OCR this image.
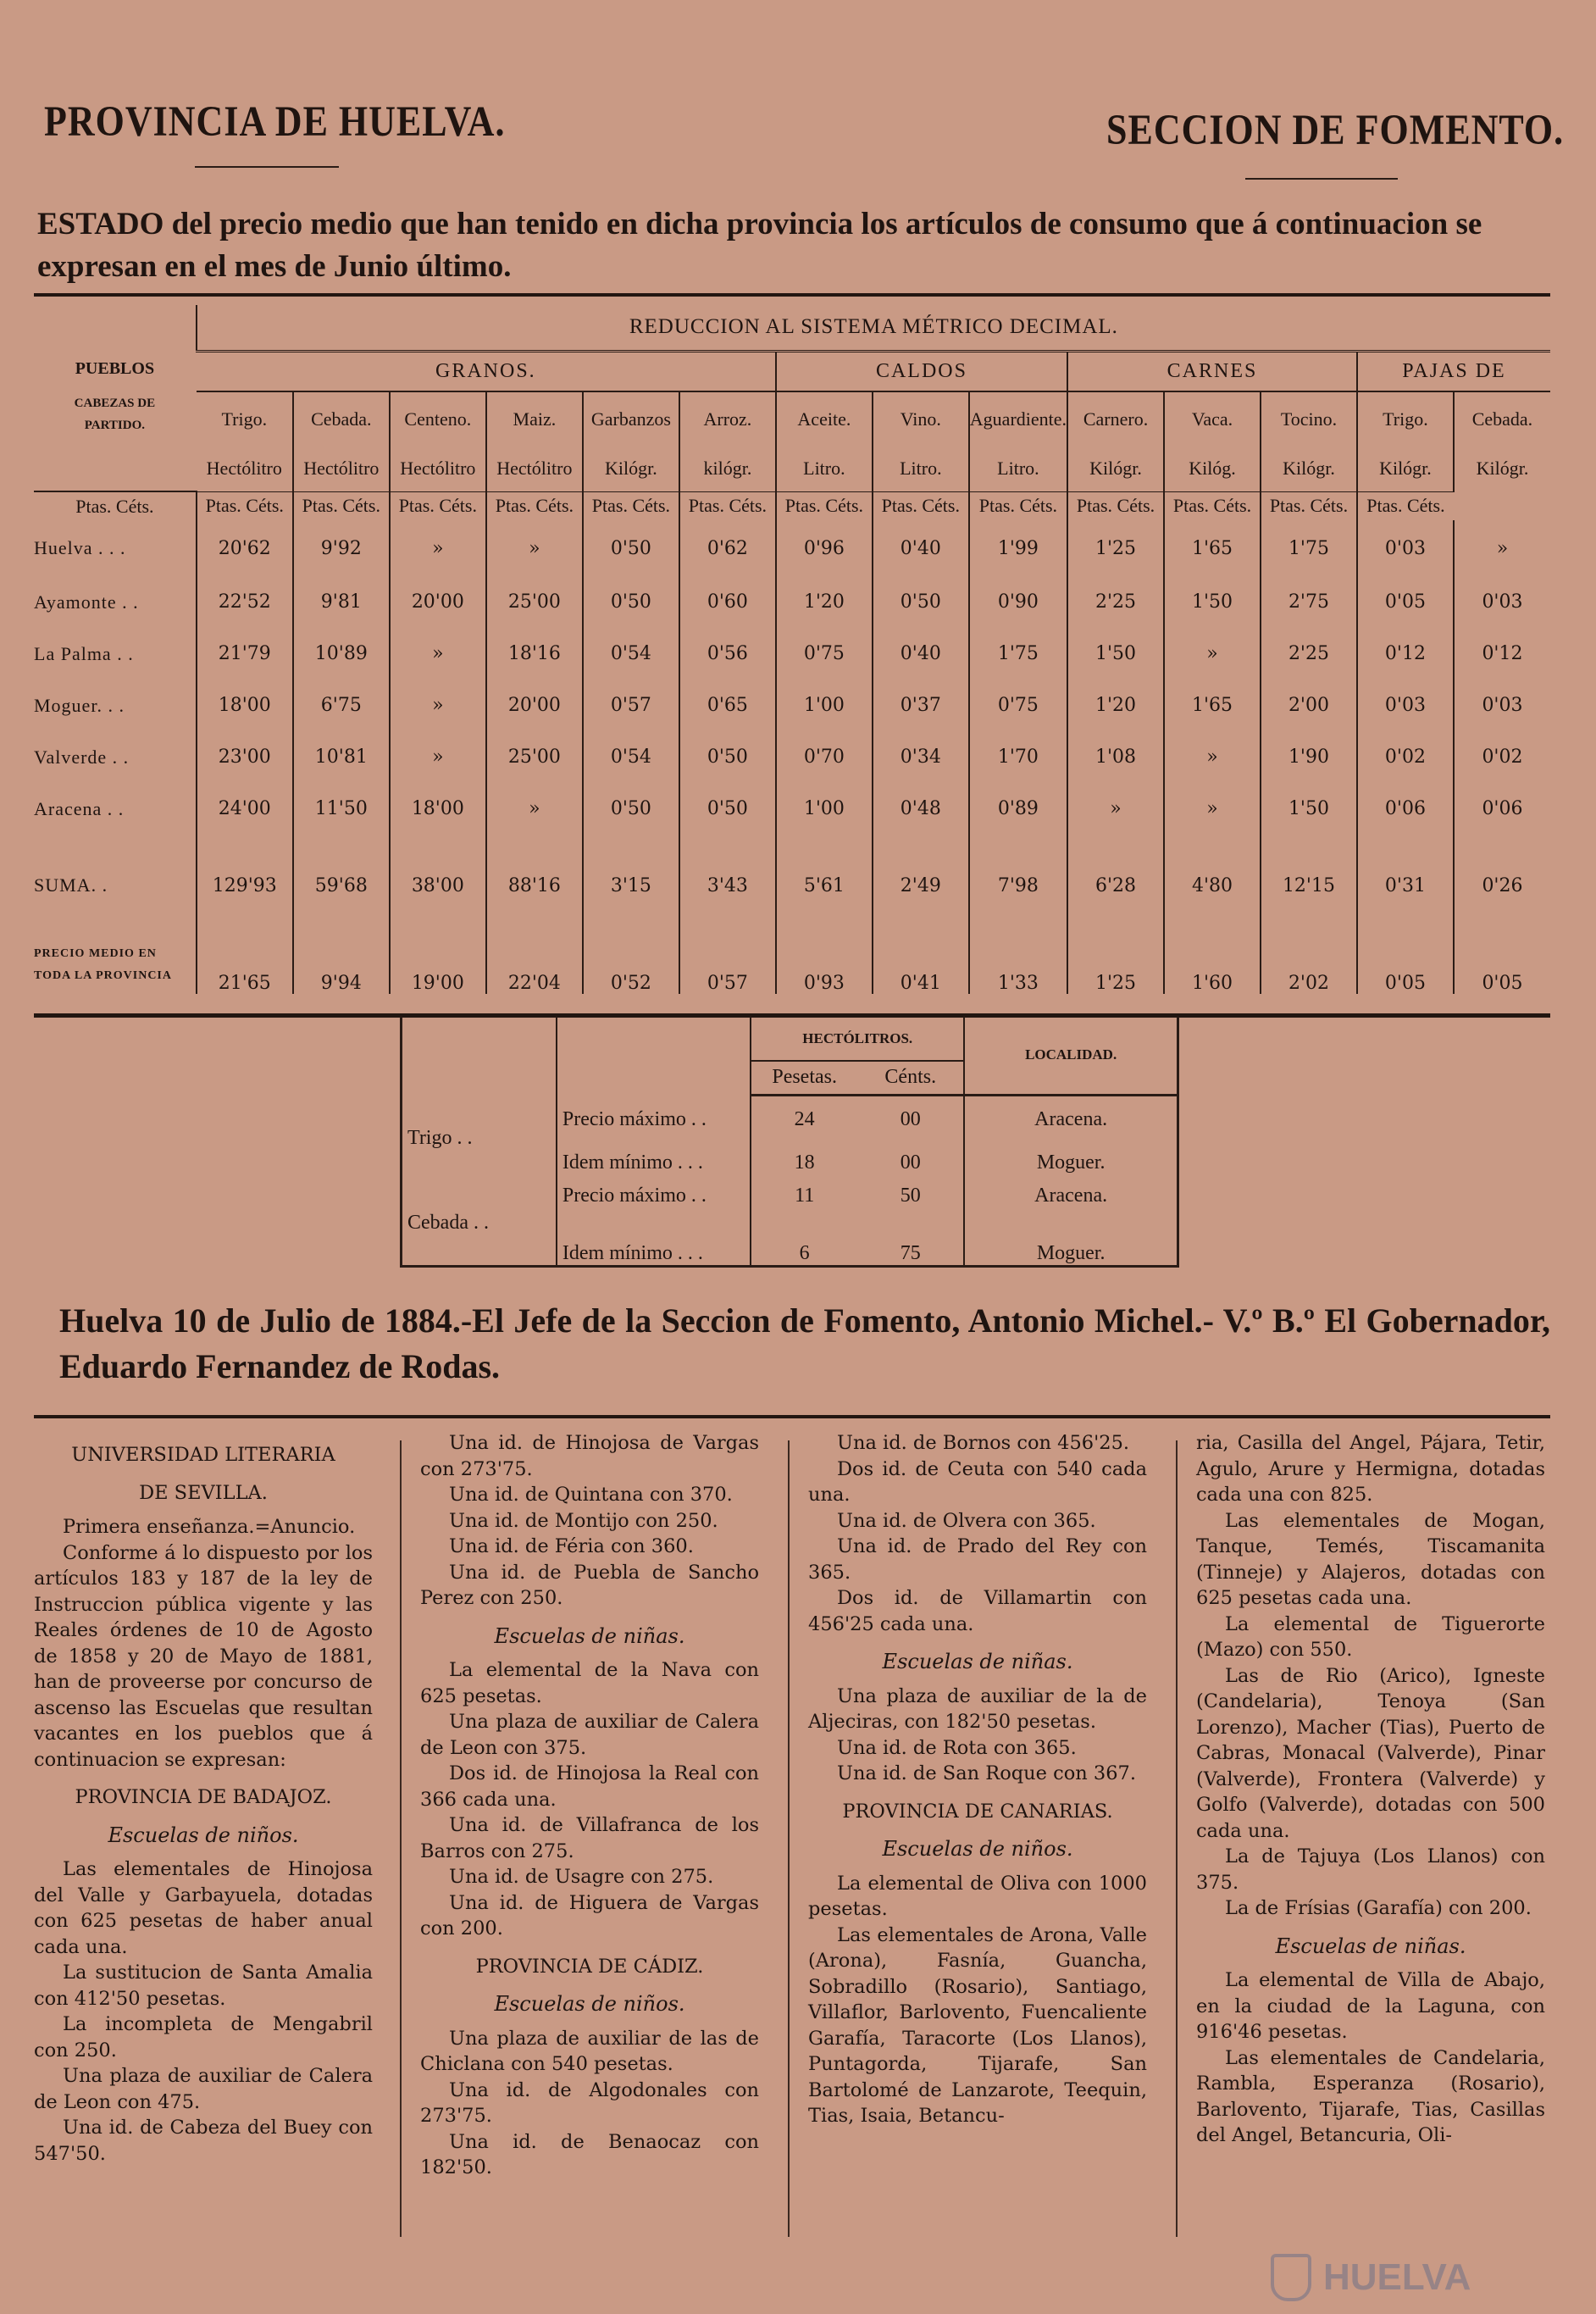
PROVINCIA DE HUELVA.	SECCION DE FOMENTO.
ESTADO del precio medio que han tenido en dicha provincia los artículos de consumo que á continuacion se expresan en el mes de Junio último.
PUEBLOS
CABEZAS DE PARTIDO.	REDUCCION AL SISTEMA MÉTRICO DECIMAL.													
	GRANOS.						CALDOS			CARNES			PAJAS DE	
	Trigo.	Cebada.	Centeno.	Maiz.	Garbanzos	Arroz.	Aceite.	Vino.	Aguardiente.	Carnero.	Vaca.	Tocino.	Trigo.	Cebada.
	Hectólitro	Hectólitro	Hectólitro	Hectólitro	Kilógr.	kilógr.	Litro.	Litro.	Litro.	Kilógr.	Kilóg.	Kilógr.	Kilógr.	Kilógr.
Ptas. Céts.	Ptas. Céts.	Ptas. Céts.	Ptas. Céts.	Ptas. Céts.	Ptas. Céts.	Ptas. Céts.	Ptas. Céts.	Ptas. Céts.	Ptas. Céts.	Ptas. Céts.	Ptas. Céts.	Ptas. Céts.	Ptas. Céts.	
Huelva . . .	20'62	9'92	»	»	0'50	0'62	0'96	0'40	1'99	1'25	1'65	1'75	0'03	»
Ayamonte . .	22'52	9'81	20'00	25'00	0'50	0'60	1'20	0'50	0'90	2'25	1'50	2'75	0'05	0'03
La Palma . .	21'79	10'89	»	18'16	0'54	0'56	0'75	0'40	1'75	1'50	»	2'25	0'12	0'12
Moguer. . .	18'00	6'75	»	20'00	0'57	0'65	1'00	0'37	0'75	1'20	1'65	2'00	0'03	0'03
Valverde . .	23'00	10'81	»	25'00	0'54	0'50	0'70	0'34	1'70	1'08	»	1'90	0'02	0'02
Aracena . .	24'00	11'50	18'00	»	0'50	0'50	1'00	0'48	0'89	»	»	1'50	0'06	0'06
SUMA. .	129'93	59'68	38'00	88'16	3'15	3'43	5'61	2'49	7'98	6'28	4'80	12'15	0'31	0'26

PRECIO MEDIO EN
TODA LA PROVINCIA	21'65	9'94	19'00	22'04	0'52	0'57	0'93	0'41	1'33	1'25	1'60	2'02	0'05	0'05
		HECTÓLITROS.		LOCALIDAD.
		Pesetas.	Cénts.	
Trigo . .	Precio máximo . .	24	00	Aracena.
	Idem mínimo . . .	18	00	Moguer.
Cebada . .	Precio máximo . .	11	50	Aracena.
	Idem mínimo . . .	6	75	Moguer.
Huelva 10 de Julio de 1884.-El Jefe de la Seccion de Fomento, Antonio Michel.- V.º B.º El Gobernador, Eduardo Fernandez de Rodas.

UNIVERSIDAD LITERARIA

DE SEVILLA.

Primera enseñanza.=Anuncio.

Conforme á lo dispuesto por los artículos 183 y 187 de la ley de Instruccion pública vigente y las Reales órdenes de 10 de Agosto de 1858 y 20 de Mayo de 1881, han de proveerse por concurso de ascenso las Escuelas que resultan vacantes en los pueblos que á continuacion se expresan:

PROVINCIA DE BADAJOZ.

Escuelas de niños.

Las elementales de Hinojosa del Valle y Garbayuela, dotadas con 625 pesetas de haber anual cada una.

La sustitucion de Santa Amalia con 412'50 pesetas.

La incompleta de Mengabril con 250.

Una plaza de auxiliar de Calera de Leon con 475.

Una id. de Cabeza del Buey con 547'50.

Una id. de Hinojosa de Vargas con 273'75.

Una id. de Quintana con 370.

Una id. de Montijo con 250.

Una id. de Féria con 360.

Una id. de Puebla de Sancho Perez con 250.

Escuelas de niñas.

La elemental de la Nava con 625 pesetas.

Una plaza de auxiliar de Calera de Leon con 375.

Dos id. de Hinojosa la Real con 366 cada una.

Una id. de Villafranca de los Barros con 275.

Una id. de Usagre con 275.

Una id. de Higuera de Vargas con 200.

PROVINCIA DE CÁDIZ.

Escuelas de niños.

Una plaza de auxiliar de las de Chiclana con 540 pesetas.

Una id. de Algodonales con 273'75.

Una id. de Benaocaz con 182'50.

Una id. de Bornos con 456'25.

Dos id. de Ceuta con 540 cada una.

Una id. de Olvera con 365.

Una id. de Prado del Rey con 365.

Dos id. de Villamartin con 456'25 cada una.

Escuelas de niñas.

Una plaza de auxiliar de la de Aljeciras, con 182'50 pesetas.

Una id. de Rota con 365.

Una id. de San Roque con 367.

PROVINCIA DE CANARIAS.

Escuelas de niños.

La elemental de Oliva con 1000 pesetas.

Las elementales de Arona, Valle (Arona), Fasnía, Guancha, Sobradillo (Rosario), Santiago, Villaflor, Barlovento, Fuencaliente Garafía, Taracorte (Los Llanos), Puntagorda, Tijarafe, San Bartolomé de Lanzarote, Teequin, Tias, Isaia, Betancu-

ria, Casilla del Angel, Pájara, Tetir, Agulo, Arure y Hermigna, dotadas cada una con 825.

Las elementales de Mogan, Tanque, Temés, Tiscamanita (Tinneje) y Alajeros, dotadas con 625 pesetas cada una.

La elemental de Tiguerorte (Mazo) con 550.

Las de Rio (Arico), Igneste (Candelaria), Tenoya (San Lorenzo), Macher (Tias), Puerto de Cabras, Monacal (Valverde), Pinar (Valverde), Frontera (Valverde) y Golfo (Valverde), dotadas con 500 cada una.

La de Tajuya (Los Llanos) con 375.

La de Frísias (Garafía) con 200.

Escuelas de niñas.

La elemental de Villa de Abajo, en la ciudad de la Laguna, con 916'46 pesetas.

Las elementales de Candelaria, Rambla, Esperanza (Rosario), Barlovento, Tijarafe, Tias, Casillas del Angel, Betancuria, Oli-

HUELVA
